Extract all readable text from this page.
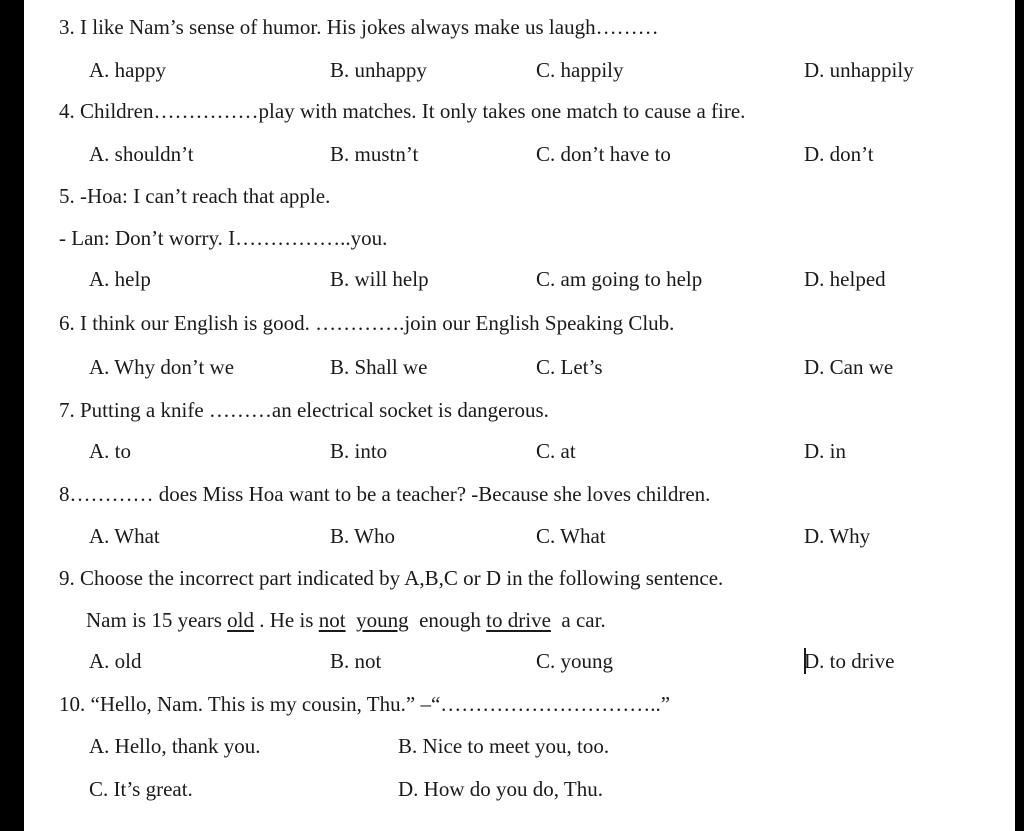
3. I like Nam’s sense of humor. His jokes always make us laugh………
A. happy	B. unhappy	C. happily	D. unhappily
4. Children……………play with matches. It only takes one match to cause a fire.
A. shouldn’t	B. mustn’t	C. don’t have to	D. don’t
5. -Hoa: I can’t reach that apple.
- Lan: Don’t worry. I……………..you.
A. help	B. will help	C. am going to help	D. helped
6. I think our English is good. ………….join our English Speaking Club.
A. Why don’t we	B. Shall we	C. Let’s	D. Can we
7. Putting a knife ………an electrical socket is dangerous.
A. to	B. into	C. at	D. in
8………… does Miss Hoa want to be a teacher? -Because she loves children.
A. What	B. Who	C. What	D. Why
9. Choose the incorrect part indicated by A,B,C or D in the following sentence.
Nam is 15 years old . He is not young  enough to drive  a car.
A. old	B. not	C. young	D. to drive
10. “Hello, Nam. This is my cousin, Thu.” –“…………………………..”
A. Hello, thank you.	B. Nice to meet you, too.
C. It’s great.	D. How do you do, Thu.
